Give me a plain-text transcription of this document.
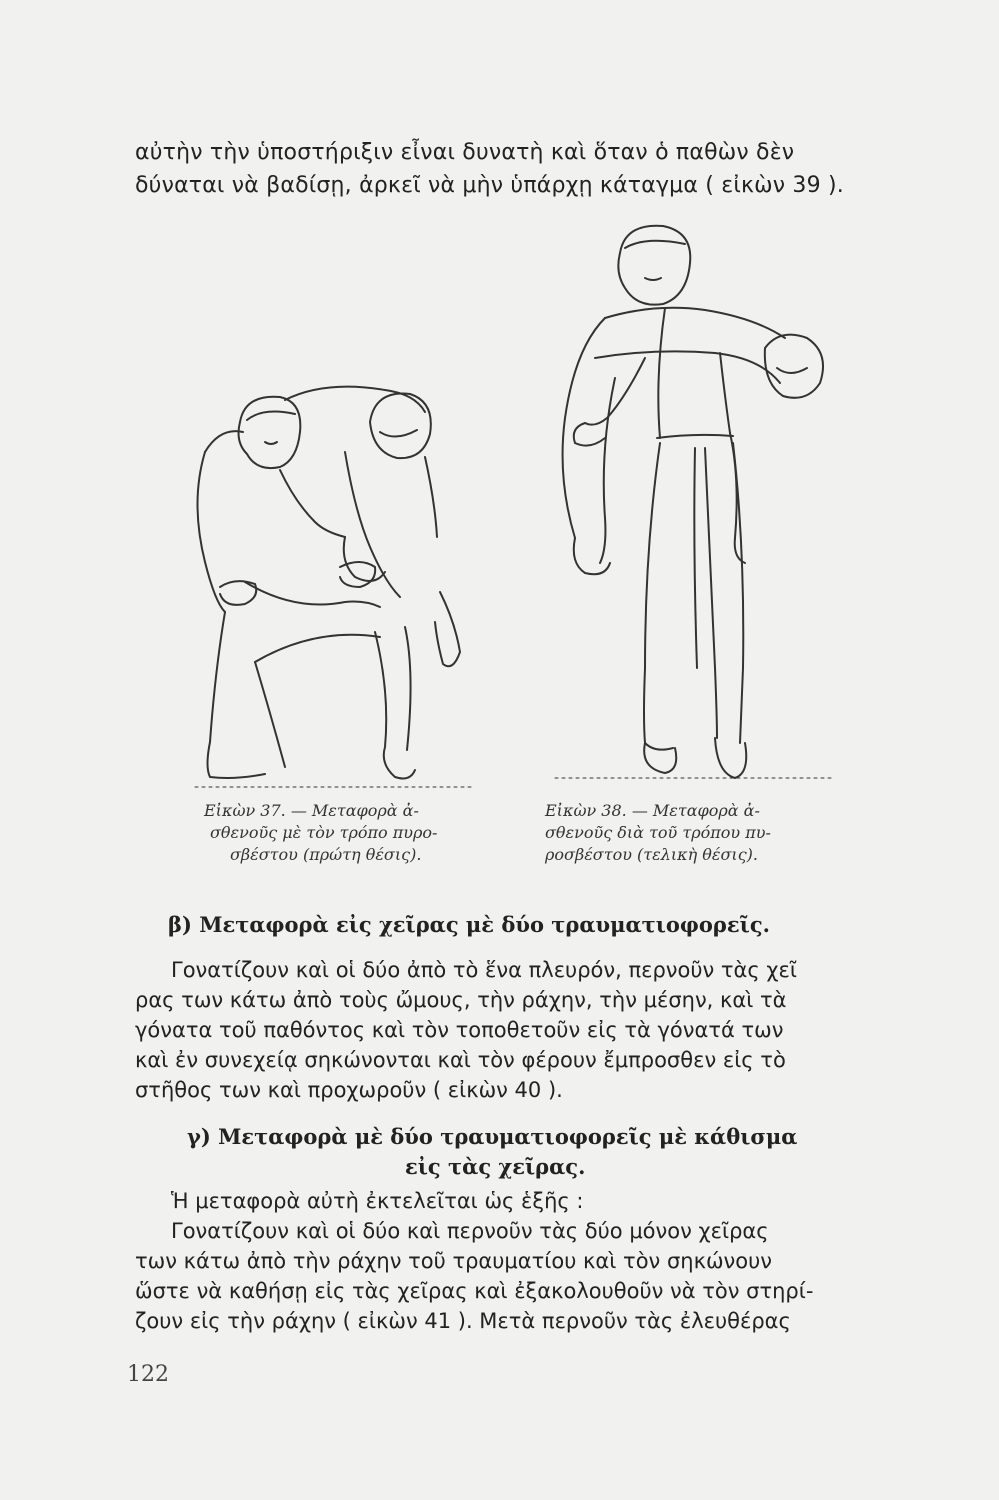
αὐτὴν τὴν ὑποστήριξιν εἶναι δυνατὴ καὶ ὅταν ὁ παθὼν δὲν
δύναται νὰ βαδίσῃ, ἀρκεῖ νὰ μὴν ὑπάρχῃ κάταγμα ( εἰκὼν 39 ).

Εἰκὼν 37. — Μεταφορὰ ἀ-
σθενοῦς μὲ τὸν τρόπο πυρο-
σβέστου (πρώτη θέσις).
Εἰκὼν 38. — Μεταφορὰ ἀ-
σθενοῦς διὰ τοῦ τρόπου πυ-
ροσβέστου (τελικὴ θέσις).
β) Μεταφορὰ εἰς χεῖρας μὲ δύο τραυματιοφορεῖς.

Γονατίζουν καὶ οἱ δύο ἀπὸ τὸ ἕνα πλευρόν, περνοῦν τὰς χεῖ
ρας των κάτω ἀπὸ τοὺς ὤμους, τὴν ράχην, τὴν μέσην, καὶ τὰ
γόνατα τοῦ παθόντος καὶ τὸν τοποθετοῦν εἰς τὰ γόνατά των
καὶ ἐν συνεχείᾳ σηκώνονται καὶ τὸν φέρουν ἔμπροσθεν εἰς τὸ
στῆθος των καὶ προχωροῦν ( εἰκὼν 40 ).

γ) Μεταφορὰ μὲ δύο τραυματιοφορεῖς μὲ κάθισμα
εἰς τὰς χεῖρας.

Ἡ μεταφορὰ αὐτὴ ἐκτελεῖται ὡς ἑξῆς :
Γονατίζουν καὶ οἱ δύο καὶ περνοῦν τὰς δύο μόνον χεῖρας
των κάτω ἀπὸ τὴν ράχην τοῦ τραυματίου καὶ τὸν σηκώνουν
ὥστε νὰ καθήσῃ εἰς τὰς χεῖρας καὶ ἐξακολουθοῦν νὰ τὸν στηρί-
ζουν εἰς τὴν ράχην ( εἰκὼν 41 ). Μετὰ περνοῦν τὰς ἐλευθέρας

122
